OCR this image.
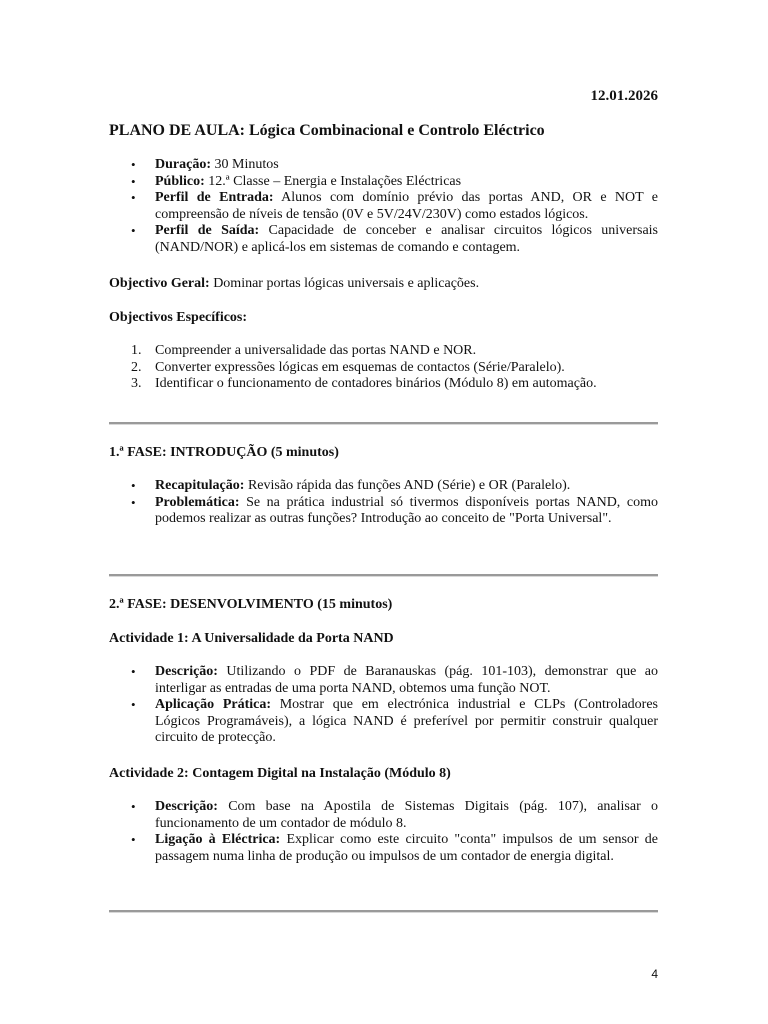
12.01.2026
PLANO DE AULA: Lógica Combinacional e Controlo Eléctrico
• Duração: 30 Minutos
• Público: 12.ª Classe – Energia e Instalações Eléctricas
• Perfil de Entrada: Alunos com domínio prévio das portas AND, OR e NOT e compreensão de níveis de tensão (0V e 5V/24V/230V) como estados lógicos.
• Perfil de Saída: Capacidade de conceber e analisar circuitos lógicos universais (NAND/NOR) e aplicá-los em sistemas de comando e contagem.
Objectivo Geral: Dominar portas lógicas universais e aplicações.
Objectivos Específicos:
1. Compreender a universalidade das portas NAND e NOR.
2. Converter expressões lógicas em esquemas de contactos (Série/Paralelo).
3. Identificar o funcionamento de contadores binários (Módulo 8) em automação.
1.ª FASE: INTRODUÇÃO (5 minutos)
• Recapitulação: Revisão rápida das funções AND (Série) e OR (Paralelo).
• Problemática: Se na prática industrial só tivermos disponíveis portas NAND, como podemos realizar as outras funções? Introdução ao conceito de "Porta Universal".
2.ª FASE: DESENVOLVIMENTO (15 minutos)
Actividade 1: A Universalidade da Porta NAND
• Descrição: Utilizando o PDF de Baranauskas (pág. 101-103), demonstrar que ao interligar as entradas de uma porta NAND, obtemos uma função NOT.
• Aplicação Prática: Mostrar que em electrónica industrial e CLPs (Controladores Lógicos Programáveis), a lógica NAND é preferível por permitir construir qualquer circuito de protecção.
Actividade 2: Contagem Digital na Instalação (Módulo 8)
• Descrição: Com base na Apostila de Sistemas Digitais (pág. 107), analisar o funcionamento de um contador de módulo 8.
• Ligação à Eléctrica: Explicar como este circuito "conta" impulsos de um sensor de passagem numa linha de produção ou impulsos de um contador de energia digital.
4
